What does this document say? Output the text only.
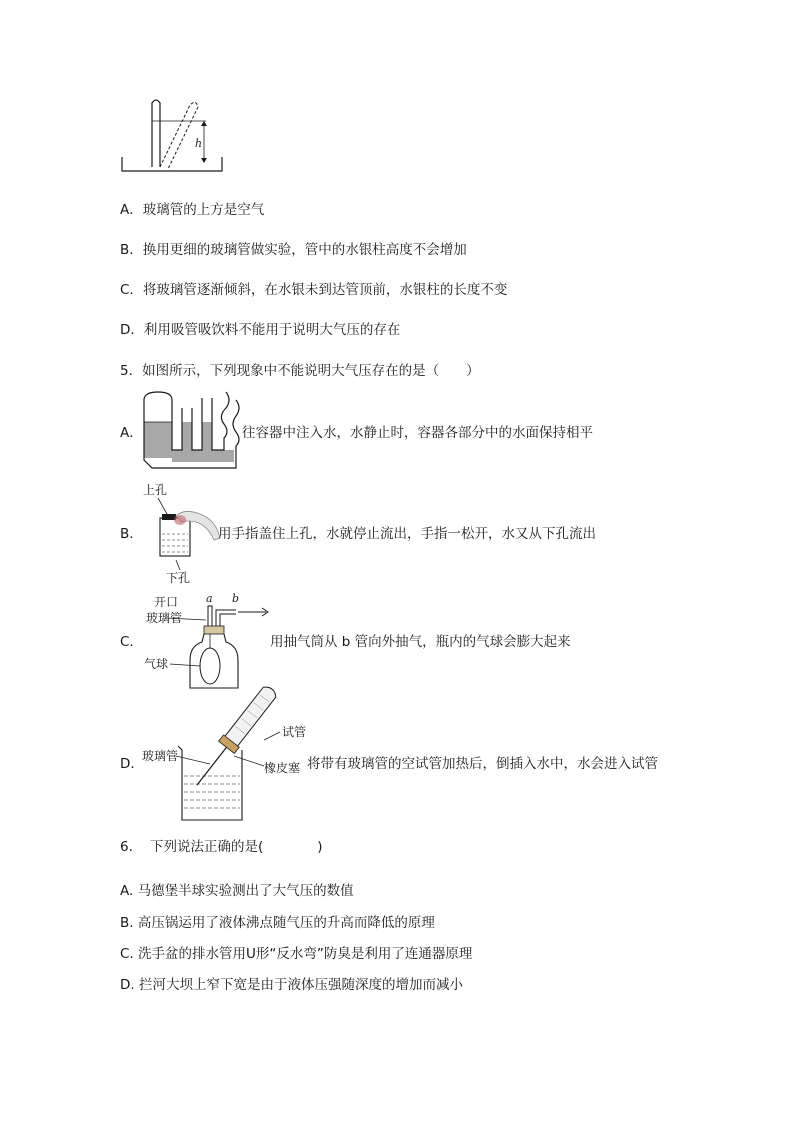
h
A．玻璃管的上方是空气
B．换用更细的玻璃管做实验，管中的水银柱高度不会增加
C．将玻璃管逐渐倾斜，在水银未到达管顶前，水银柱的长度不变
D．利用吸管吸饮料不能用于说明大气压的存在
5．如图所示，下列现象中不能说明大气压存在的是（　　）
A．	往容器中注入水，水静止时，容器各部分中的水面保持相平
B．
上孔
下孔
用手指盖住上孔，水就停止流出，手指一松开，水又从下孔流出
C．
开口
玻璃管
a b
气球
用抽气筒从 b 管向外抽气，瓶内的气球会膨大起来
D．
试管
玻璃管
橡皮塞 将带有玻璃管的空试管加热后，倒插入水中，水会进入试管
6. 下列说法正确的是(　　　　)
A. 马德堡半球实验测出了大气压的数值
B. 高压锅运用了液体沸点随气压的升高而降低的原理
C. 洗手盆的排水管用U形“反水弯”防臭是利用了连通器原理
D. 拦河大坝上窄下宽是由于液体压强随深度的增加而减小
